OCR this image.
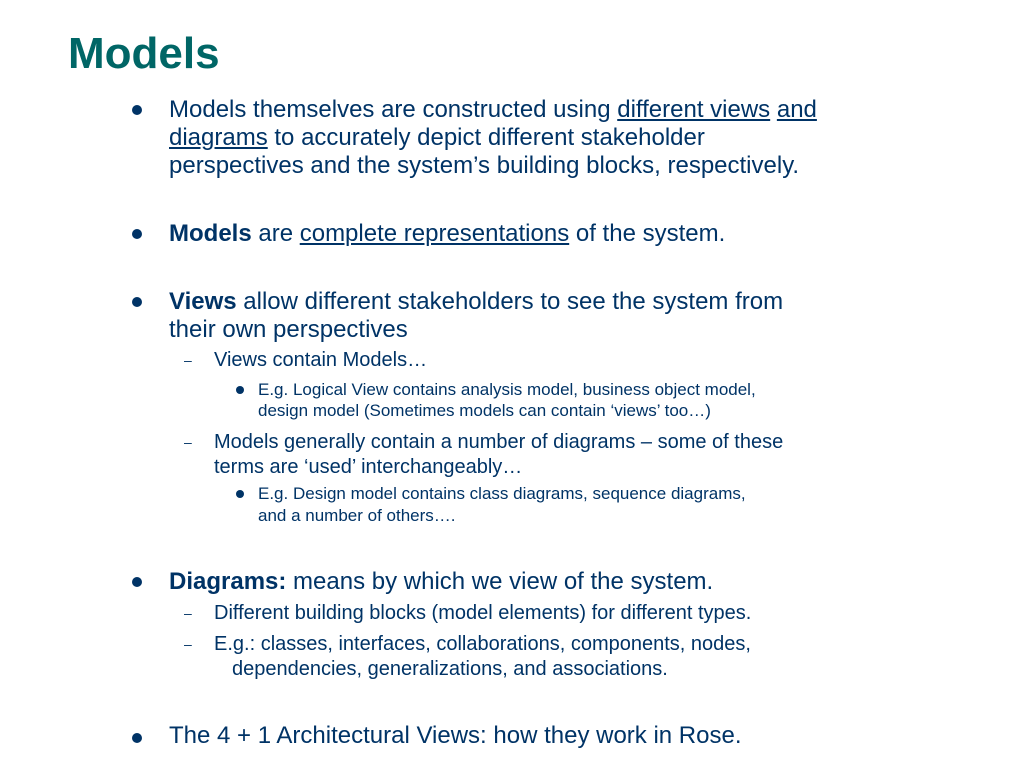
Models
Models themselves are constructed using different views and
diagrams to accurately depict different stakeholder
perspectives and the system’s building blocks, respectively.
Models are complete representations of the system.
Views allow different stakeholders to see the system from
their own perspectives
– Views contain Models…
E.g. Logical View contains analysis model, business object model,
design model (Sometimes models can contain ‘views’ too…)
– Models generally contain a number of diagrams – some of these
terms are ‘used’ interchangeably…
E.g. Design model contains class diagrams, sequence diagrams,
and a number of others….
Diagrams: means by which we view of the system.
– Different building blocks (model elements) for different types.
– E.g.: classes, interfaces, collaborations, components, nodes,
dependencies, generalizations, and associations.
The 4 + 1 Architectural Views: how they work in Rose.
